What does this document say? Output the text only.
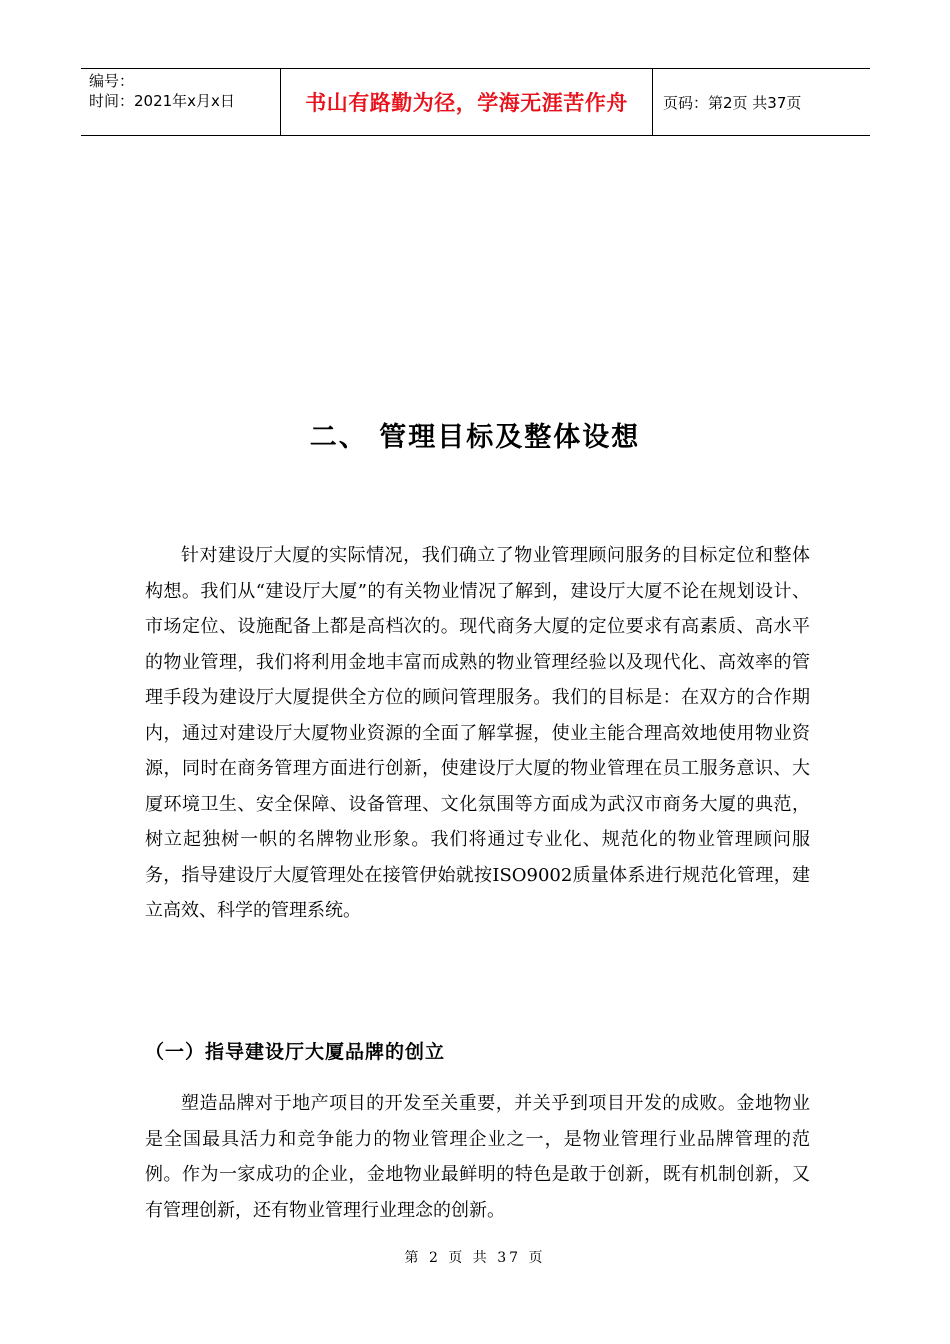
编号：
时间：2021年x月x日	书山有路勤为径，学海无涯苦作舟 页码：第2页 共37页
二、 管理目标及整体设想

针对建设厅大厦的实际情况，我们确立了物业管理顾问服务的目标定位和整体构想。我们从“建设厅大厦”的有关物业情况了解到，建设厅大厦不论在规划设计、市场定位、设施配备上都是高档次的。现代商务大厦的定位要求有高素质、高水平的物业管理，我们将利用金地丰富而成熟的物业管理经验以及现代化、高效率的管理手段为建设厅大厦提供全方位的顾问管理服务。我们的目标是：在双方的合作期内，通过对建设厅大厦物业资源的全面了解掌握，使业主能合理高效地使用物业资源，同时在商务管理方面进行创新，使建设厅大厦的物业管理在员工服务意识、大厦环境卫生、安全保障、设备管理、文化氛围等方面成为武汉市商务大厦的典范，树立起独树一帜的名牌物业形象。我们将通过专业化、规范化的物业管理顾问服务，指导建设厅大厦管理处在接管伊始就按ISO9002质量体系进行规范化管理，建立高效、科学的管理系统。

（一）指导建设厅大厦品牌的创立

塑造品牌对于地产项目的开发至关重要，并关乎到项目开发的成败。金地物业是全国最具活力和竞争能力的物业管理企业之一，是物业管理行业品牌管理的范例。作为一家成功的企业，金地物业最鲜明的特色是敢于创新，既有机制创新，又有管理创新，还有物业管理行业理念的创新。

第 2 页 共 37 页
